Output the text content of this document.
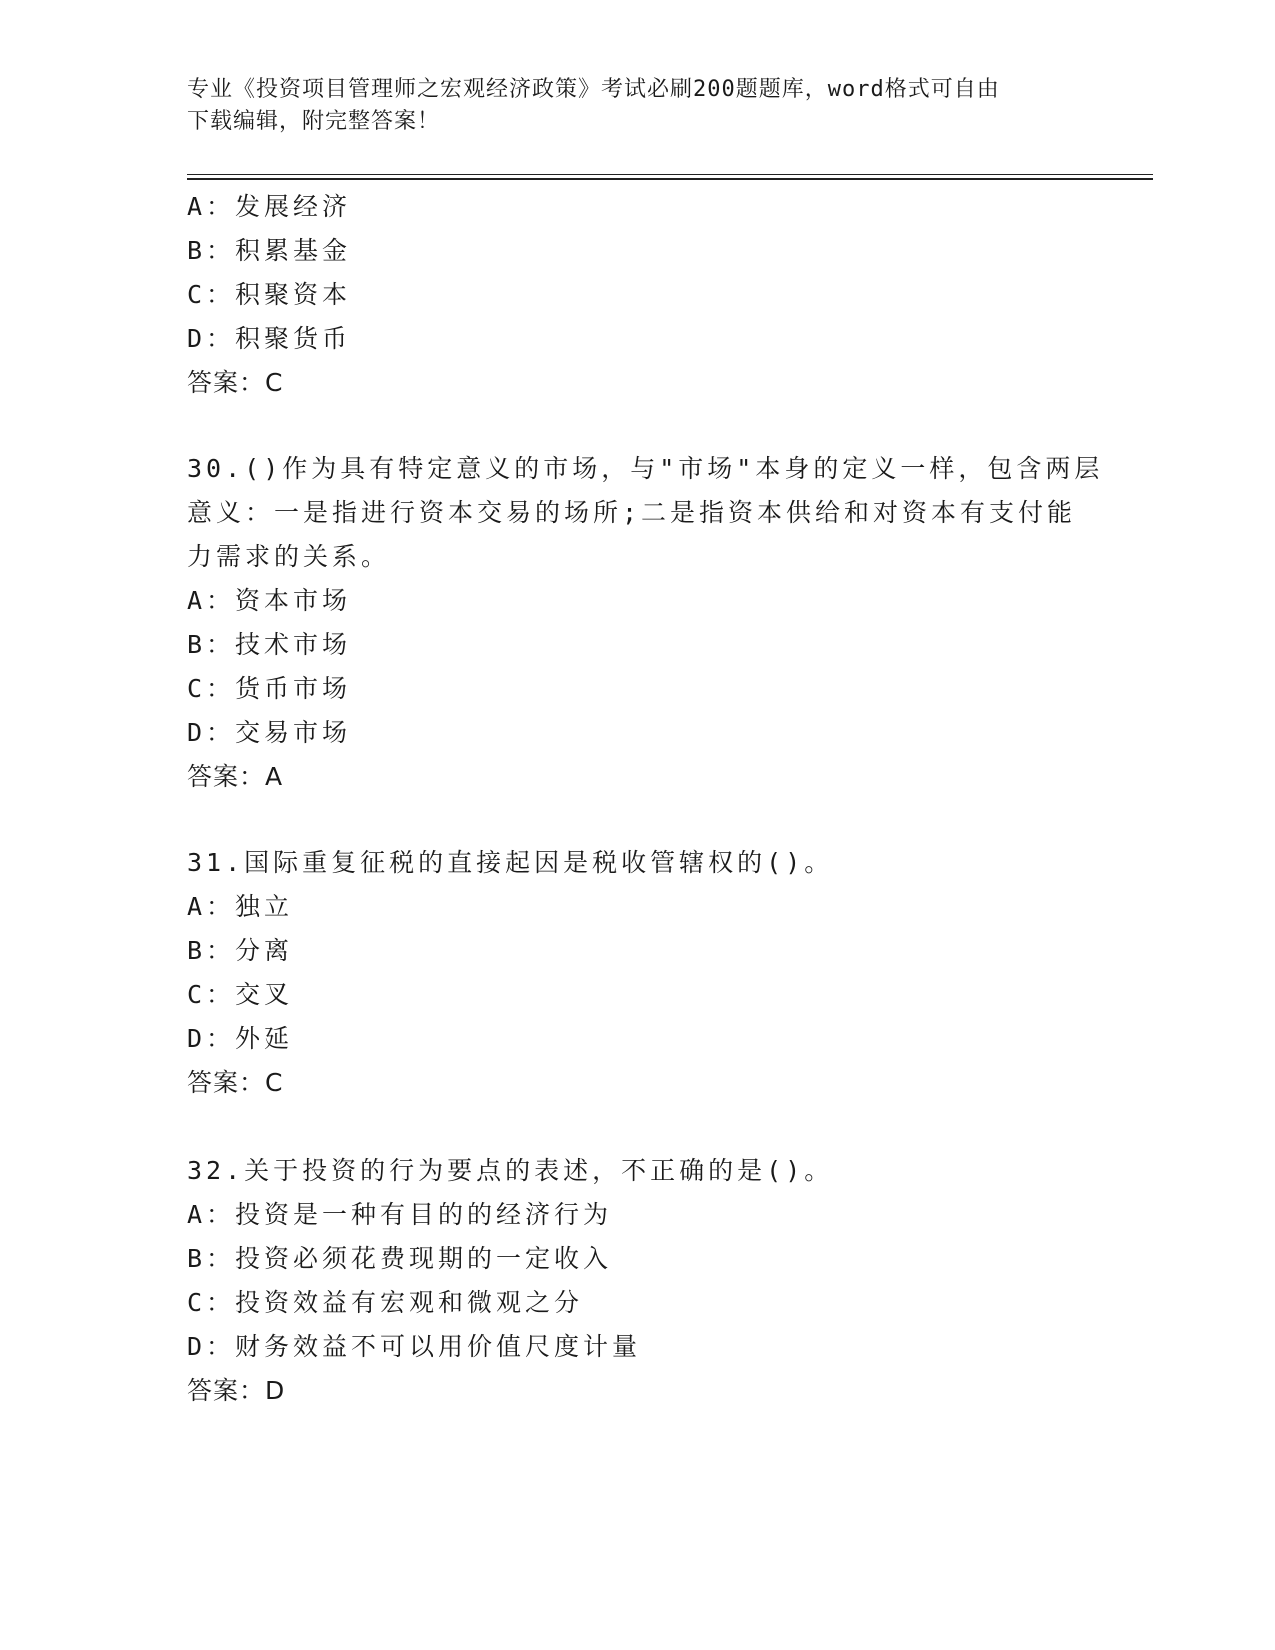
专业《投资项目管理师之宏观经济政策》考试必刷200题题库，word格式可自由
下载编辑，附完整答案！
A：发展经济
B：积累基金
C：积聚资本
D：积聚货币
答案：C
30.()作为具有特定意义的市场，与"市场"本身的定义一样，包含两层
意义：一是指进行资本交易的场所;二是指资本供给和对资本有支付能
力需求的关系。
A：资本市场
B：技术市场
C：货币市场
D：交易市场
答案：A
31.国际重复征税的直接起因是税收管辖权的()。
A：独立
B：分离
C：交叉
D：外延
答案：C
32.关于投资的行为要点的表述，不正确的是()。
A：投资是一种有目的的经济行为
B：投资必须花费现期的一定收入
C：投资效益有宏观和微观之分
D：财务效益不可以用价值尺度计量
答案：D
